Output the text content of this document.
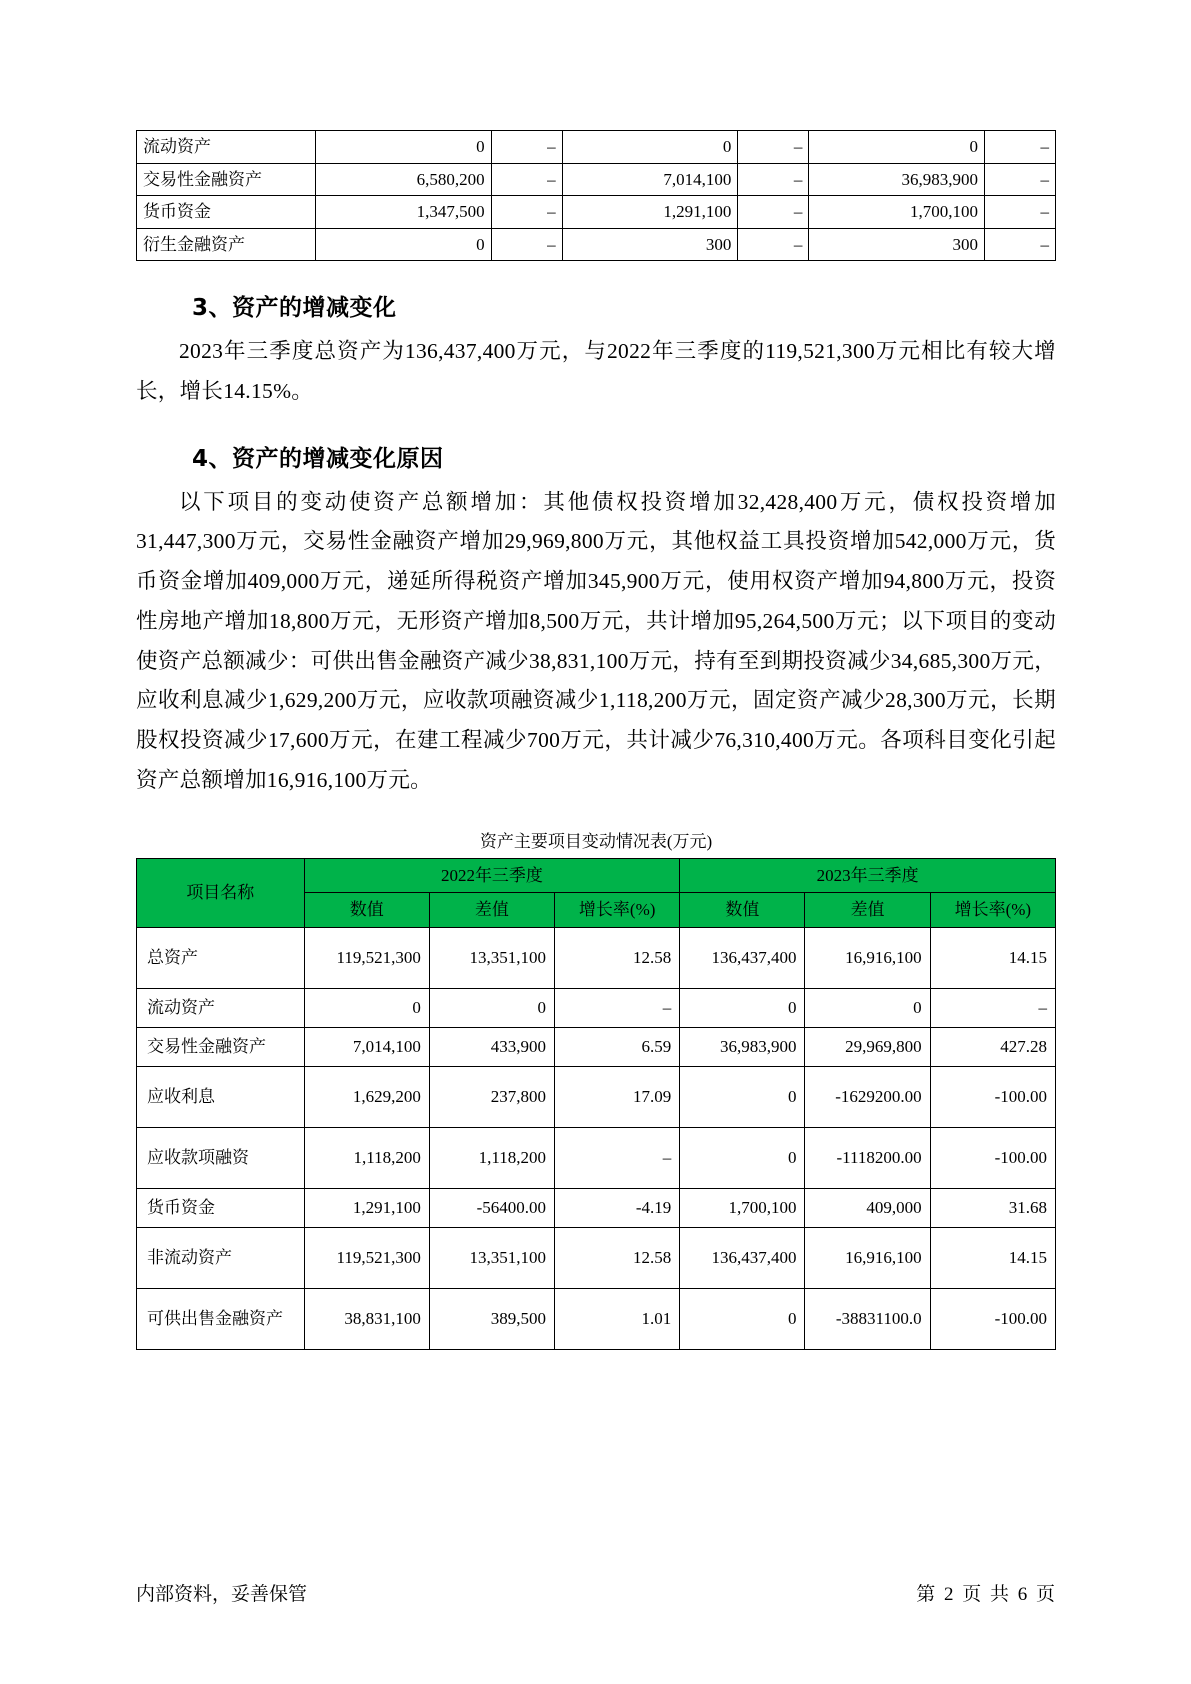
流动资产	0	–	0	–	0	–
交易性金融资产	6,580,200	–	7,014,100	–	36,983,900	–
货币资金	1,347,500	–	1,291,100	–	1,700,100	–
衍生金融资产	0	–	300	–	300	–
3、资产的增减变化

2023年三季度总资产为136,437,400万元，与2022年三季度的119,521,300万元相比有较大增长，增长14.15%。

4、资产的增减变化原因

以下项目的变动使资产总额增加：其他债权投资增加32,428,400万元，债权投资增加31,447,300万元，交易性金融资产增加29,969,800万元，其他权益工具投资增加542,000万元，货币资金增加409,000万元，递延所得税资产增加345,900万元，使用权资产增加94,800万元，投资性房地产增加18,800万元，无形资产增加8,500万元，共计增加95,264,500万元；以下项目的变动使资产总额减少：可供出售金融资产减少38,831,100万元，持有至到期投资减少34,685,300万元，应收利息减少1,629,200万元，应收款项融资减少1,118,200万元，固定资产减少28,300万元，长期股权投资减少17,600万元，在建工程减少700万元，共计减少76,310,400万元。各项科目变化引起资产总额增加16,916,100万元。

资产主要项目变动情况表(万元)
项目名称	2022年三季度			2023年三季度		
	数值	差值	增长率(%)	数值	差值	增长率(%)
总资产	119,521,300	13,351,100	12.58	136,437,400	16,916,100	14.15
流动资产	0	0	–	0	0	–
交易性金融资产	7,014,100	433,900	6.59	36,983,900	29,969,800	427.28
应收利息	1,629,200	237,800	17.09	0	-1629200.00	-100.00
应收款项融资	1,118,200	1,118,200	–	0	-1118200.00	-100.00
货币资金	1,291,100	-56400.00	-4.19	1,700,100	409,000	31.68
非流动资产	119,521,300	13,351,100	12.58	136,437,400	16,916,100	14.15
可供出售金融资产	38,831,100	389,500	1.01	0	-38831100.0	-100.00
内部资料，妥善保管	第 2 页 共 6 页
